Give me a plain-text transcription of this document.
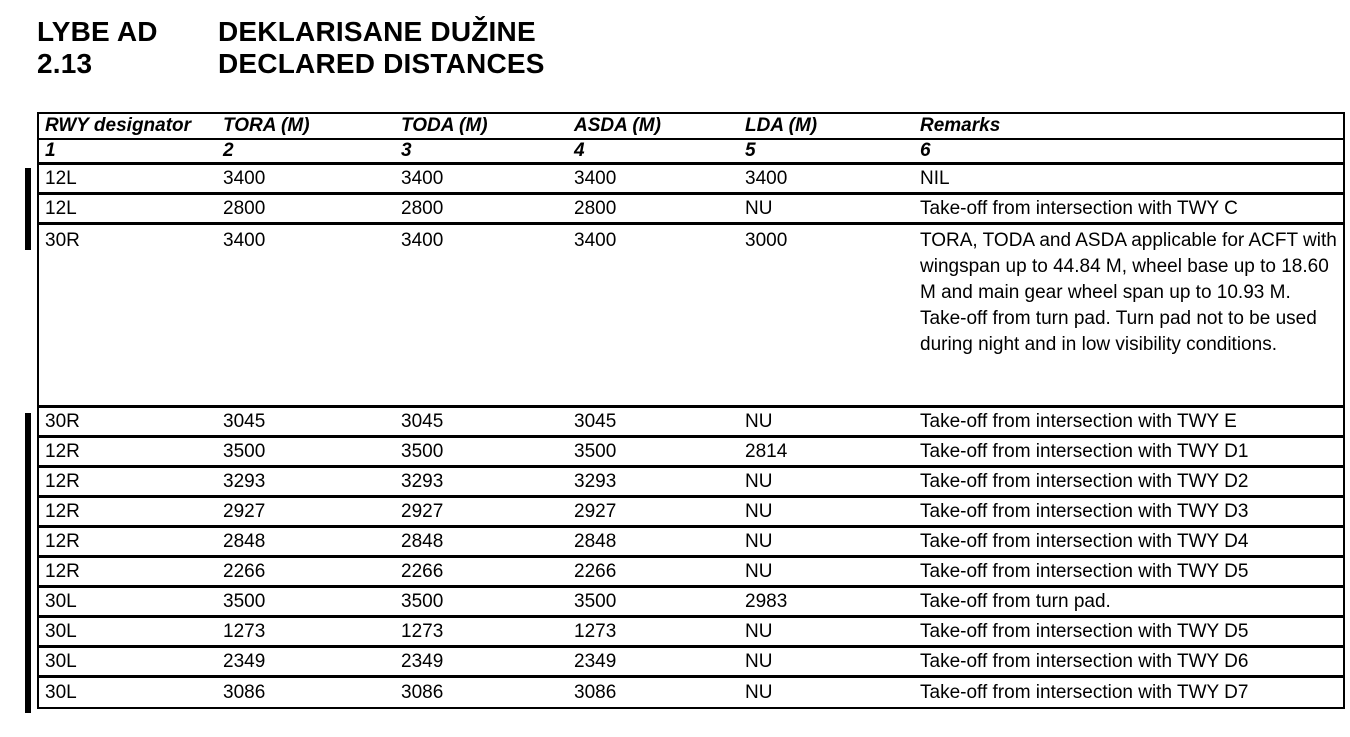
LYBE AD 2.13
DEKLARISANE DUŽINE
DECLARED DISTANCES
RWY designator	TORA (M)	TODA (M)	ASDA (M)	LDA (M)	Remarks
1	2	3	4	5	6
12L	3400	3400	3400	3400	NIL

12L	2800	2800	2800	NU	Take-off from intersection with TWY C

30R	3400	3400	3400	3000	TORA, TODA and ASDA applicable for ACFT with wingspan up to 44.84 M, wheel base up to 18.60 M and main gear wheel span up to 10.93 M.
Take-off from turn pad. Turn pad not to be used during night and in low visibility conditions.

30R	3045	3045	3045	NU	Take-off from intersection with TWY E

12R	3500	3500	3500	2814	Take-off from intersection with TWY D1

12R	3293	3293	3293	NU	Take-off from intersection with TWY D2

12R	2927	2927	2927	NU	Take-off from intersection with TWY D3

12R	2848	2848	2848	NU	Take-off from intersection with TWY D4

12R	2266	2266	2266	NU	Take-off from intersection with TWY D5

30L	3500	3500	3500	2983	Take-off from turn pad.

30L	1273	1273	1273	NU	Take-off from intersection with TWY D5

30L	2349	2349	2349	NU	Take-off from intersection with TWY D6

30L	3086	3086	3086	NU	Take-off from intersection with TWY D7
